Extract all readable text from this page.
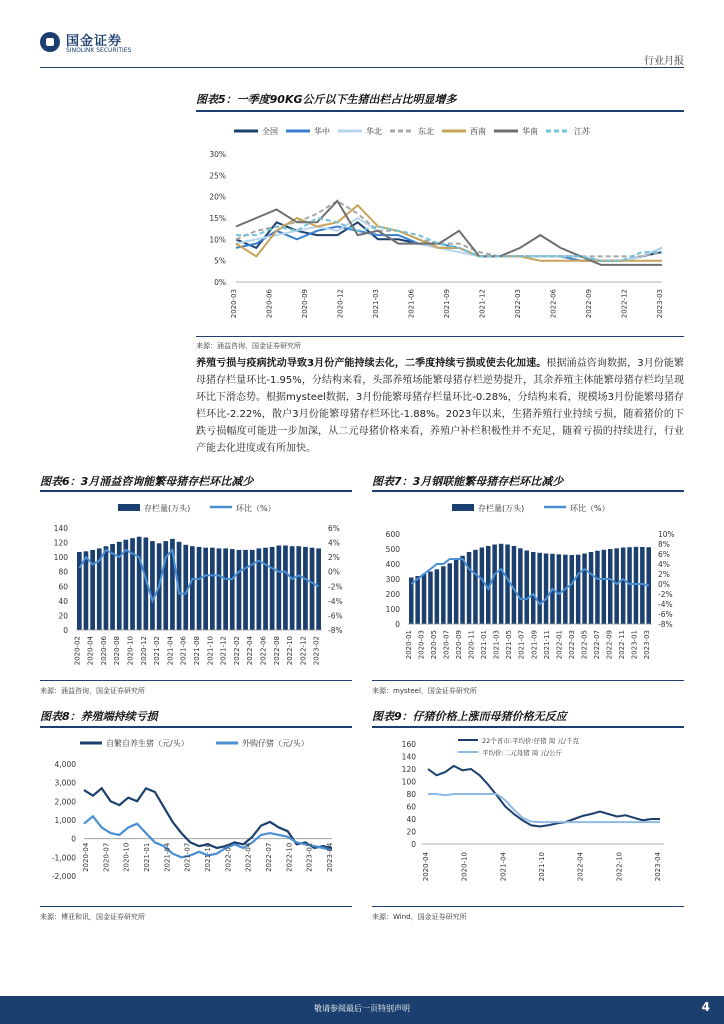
国金证券
SINOLINK SECURITIES
行业月报
图表5：一季度90KG公斤以下生猪出栏占比明显增多
全国	华中	华北	东北	西南	华南	江苏
0%
5%
10%
15%
20%
25%
30%
2020-03	2020-06	2020-09	2020-12	2021-03	2021-06	2021-09	2021-12	2022-03	2022-06	2022-09	2022-12	2023-03
来源：涌益咨询，国金证券研究所
养殖亏损与疫病扰动导致3月份产能持续去化，二季度持续亏损或使去化加速。根据涌益咨询数据，3月份能繁母猪存栏量环比-1.95%，分结构来看，头部养殖场能繁母猪存栏逆势提升，其余养殖主体能繁母猪存栏均呈现环比下滑态势。根据mysteel数据，3月份能繁母猪存栏量环比-0.28%，分结构来看，规模场3月份能繁母猪存栏环比-2.22%，散户3月份能繁母猪存栏环比-1.88%。2023年以来，生猪养殖行业持续亏损，随着猪价的下跌亏损幅度可能进一步加深，从二元母猪价格来看，养殖户补栏积极性并不充足，随着亏损的持续进行，行业产能去化进度或有所加快。
图表6：3月涌益咨询能繁母猪存栏环比减少
存栏量(万头)	环比（%）
0
20
40
60
80
100
120
140
-8%
-6%
-4%
-2%
0%
2%
4%
6%
2020-02 2020-04 2020-06 2020-08 2020-10 2020-12 2021-02 2021-04 2021-06 2021-08 2021-10 2021-12 2022-02 2022-04 2022-06 2022-08 2022-10 2022-12 2023-02
来源：涌益咨询，国金证券研究所
图表7：3月钢联能繁母猪存栏环比减少
存栏量(万头)	环比（%）
0
100
200
300
400
500
600
-8%
-6%
-4%
-2%
0%
2%
4%
6%
8%
10%
2020-01 2020-03 2020-05 2020-07 2020-09 2020-11 2021-01 2021-03 2021-05 2021-07 2021-09 2021-11 2022-01 2022-03 2022-05 2022-07 2022-09 2022-11 2023-01 2023-03
来源：mysteel，国金证券研究所
图表8：养殖端持续亏损
自繁自养生猪（元/头）	外购仔猪（元/头）
-2,000
-1,000
0
1,000
2,000
3,000
4,000
2020-04 2020-07 2020-10 2021-01 2021-04 2021-07 2021-10 2022-01 2022-04 2022-07 2022-10 2023-01 2023-04
来源：博亚和讯，国金证券研究所
图表9：仔猪价格上涨而母猪价格无反应
0
20
40
60
80
100
120
140
160	22个省市:平均价:仔猪 周 元/千克
平均价:二元母猪 周 元/公斤
2020-04	2020-10	2021-04	2021-10	2022-04	2022-10	2023-04
来源：Wind，国金证券研究所
敬请参阅最后一页特别声明	4
